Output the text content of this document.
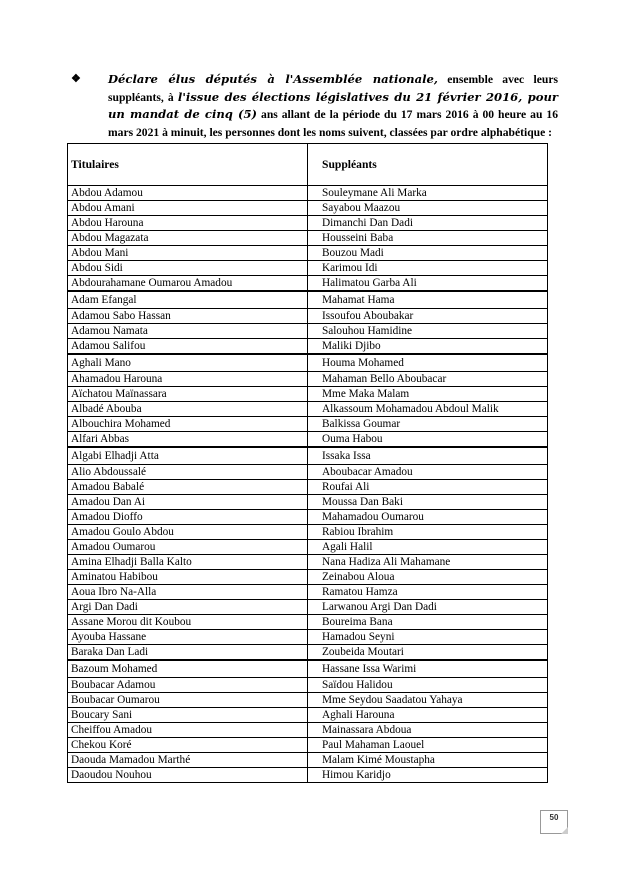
❖	Déclare élus députés à l'Assemblée nationale, ensemble avec leurs suppléants, à l'issue des élections législatives du 21 février 2016, pour un mandat de cinq (5) ans allant de la période du 17 mars 2016 à 00 heure au 16 mars 2021 à minuit, les personnes dont les noms suivent, classées par ordre alphabétique :
Titulaires	Suppléants
Abdou Adamou	Souleymane Ali Marka
Abdou Amani	Sayabou Maazou
Abdou Harouna	Dimanchi Dan Dadi
Abdou Magazata	Housseini Baba
Abdou Mani	Bouzou Madi
Abdou Sidi	Karimou Idi
Abdourahamane Oumarou Amadou	Halimatou Garba Ali
Adam Efangal	Mahamat Hama
Adamou Sabo Hassan	Issoufou Aboubakar
Adamou Namata	Salouhou Hamidine
Adamou Salifou	Maliki Djibo
Aghali Mano	Houma Mohamed
Ahamadou Harouna	Mahaman Bello Aboubacar
Aïchatou Maïnassara	Mme Maka Malam
Albadé Abouba	Alkassoum Mohamadou Abdoul Malik
Albouchira Mohamed	Balkissa Goumar
Alfari Abbas	Ouma Habou
Algabi Elhadji Atta	Issaka Issa
Alio Abdoussalé	Aboubacar Amadou
Amadou Babalé	Roufai Ali
Amadou Dan Ai	Moussa Dan Baki
Amadou Dioffo	Mahamadou Oumarou
Amadou Goulo Abdou	Rabiou Ibrahim
Amadou Oumarou	Agali Halil
Amina Elhadji Balla Kalto	Nana Hadiza Ali Mahamane
Aminatou Habibou	Zeinabou Aloua
Aoua Ibro Na-Alla	Ramatou Hamza
Argi Dan Dadi	Larwanou Argi Dan Dadi
Assane Morou dit Koubou	Boureima Bana
Ayouba Hassane	Hamadou Seyni
Baraka Dan Ladi	Zoubeida Moutari
Bazoum Mohamed	Hassane Issa Warimi
Boubacar Adamou	Saïdou Halidou
Boubacar Oumarou	Mme Seydou Saadatou Yahaya
Boucary Sani	Aghali Harouna
Cheiffou Amadou	Mainassara Abdoua
Chekou Koré	Paul Mahaman Laouel
Daouda Mamadou Marthé	Malam Kimé Moustapha
Daoudou Nouhou	Himou Karidjo
50
